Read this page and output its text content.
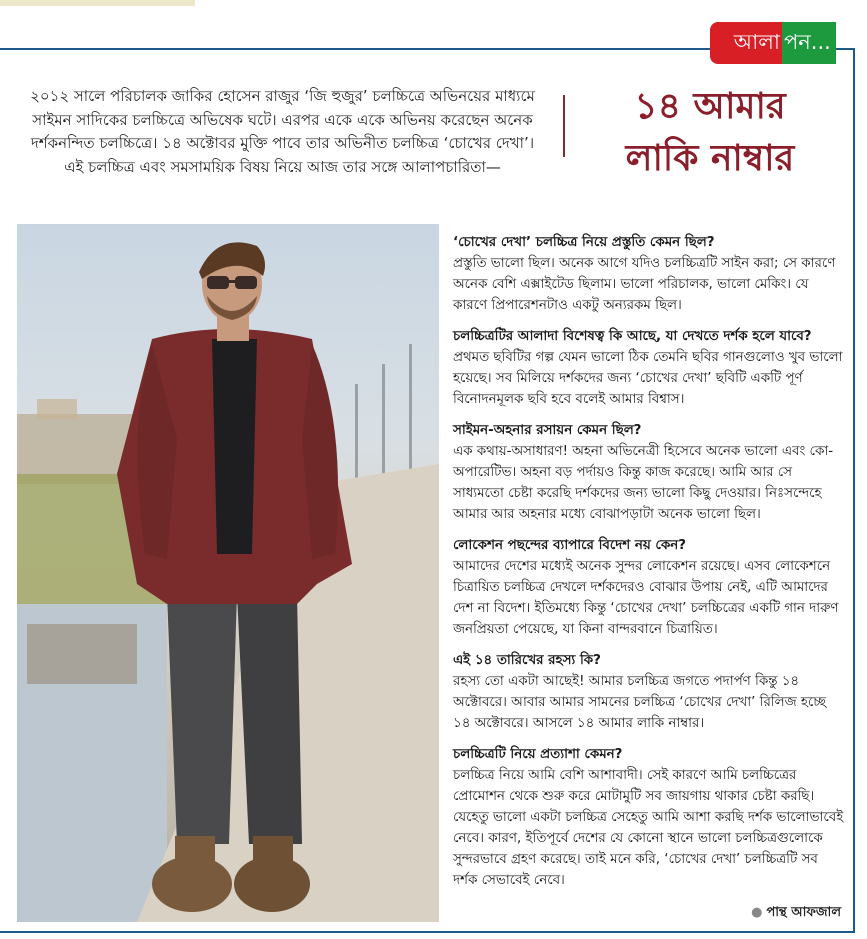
আলা পন...
২০১২ সালে পরিচালক জাকির হোসেন রাজুর ‘জি হুজুর’ চলচ্চিত্রে অভিনয়ের মাধ্যমে সাইমন সাদিকের চলচ্চিত্রে অভিষেক ঘটে। এরপর একে একে অভিনয় করেছেন অনেক দর্শকনন্দিত চলচ্চিত্রে। ১৪ অক্টোবর মুক্তি পাবে তার অভিনীত চলচ্চিত্র ‘চোখের দেখা’। এই চলচ্চিত্র এবং সমসাময়িক বিষয় নিয়ে আজ তার সঙ্গে আলাপচারিতা—
১৪ আমার
লাকি নাম্বার
‘চোখের দেখা’ চলচ্চিত্র নিয়ে প্রস্তুতি কেমন ছিল?
প্রস্তুতি ভালো ছিল। অনেক আগে যদিও চলচ্চিত্রটি সাইন করা; সে কারণে অনেক বেশি এক্সাইটেড ছিলাম। ভালো পরিচালক, ভালো মেকিং। যে কারণে প্রিপারেশনটাও একটু অন্যরকম ছিল।
চলচ্চিত্রটির আলাদা বিশেষত্ব কি আছে, যা দেখতে দর্শক হলে যাবে?
প্রথমত ছবিটির গল্প যেমন ভালো ঠিক তেমনি ছবির গানগুলোও খুব ভালো হয়েছে। সব মিলিয়ে দর্শকদের জন্য ‘চোখের দেখা’ ছবিটি একটি পূর্ণ বিনোদনমূলক ছবি হবে বলেই আমার বিশ্বাস।
সাইমন-অহনার রসায়ন কেমন ছিল?
এক কথায়-অসাধারণ! অহনা অভিনেত্রী হিসেবে অনেক ভালো এবং কো-অপারেটিভ। অহনা বড় পর্দায়ও কিন্তু কাজ করেছে। আমি আর সে সাধ্যমতো চেষ্টা করেছি দর্শকদের জন্য ভালো কিছু দেওয়ার। নিঃসন্দেহে আমার আর অহনার মধ্যে বোঝাপড়াটা অনেক ভালো ছিল।
লোকেশন পছন্দের ব্যাপারে বিদেশ নয় কেন?
আমাদের দেশের মধ্যেই অনেক সুন্দর লোকেশন রয়েছে। এসব লোকেশনে চিত্রায়িত চলচ্চিত্র দেখলে দর্শকদেরও বোঝার উপায় নেই, এটি আমাদের দেশ না বিদেশ। ইতিমধ্যে কিন্তু ‘চোখের দেখা’ চলচ্চিত্রের একটি গান দারুণ জনপ্রিয়তা পেয়েছে, যা কিনা বান্দরবানে চিত্রায়িত।
এই ১৪ তারিখের রহস্য কি?
রহস্য তো একটা আছেই! আমার চলচ্চিত্র জগতে পদার্পণ কিন্তু ১৪ অক্টোবরে। আবার আমার সামনের চলচ্চিত্র ‘চোখের দেখা’ রিলিজ হচ্ছে ১৪ অক্টোবরে। আসলে ১৪ আমার লাকি নাম্বার।
চলচ্চিত্রটি নিয়ে প্রত্যাশা কেমন?
চলচ্চিত্র নিয়ে আমি বেশি আশাবাদী। সেই কারণে আমি চলচ্চিত্রের প্রোমোশন থেকে শুরু করে মোটামুটি সব জায়গায় থাকার চেষ্টা করছি। যেহেতু ভালো একটা চলচ্চিত্র সেহেতু আমি আশা করছি দর্শক ভালোভাবেই নেবে। কারণ, ইতিপূর্বে দেশের যে কোনো স্থানে ভালো চলচ্চিত্রগুলোকে সুন্দরভাবে গ্রহণ করেছে। তাই মনে করি, ‘চোখের দেখা’ চলচ্চিত্রটি সব দর্শক সেভাবেই নেবে।
● পান্থ আফজাল
